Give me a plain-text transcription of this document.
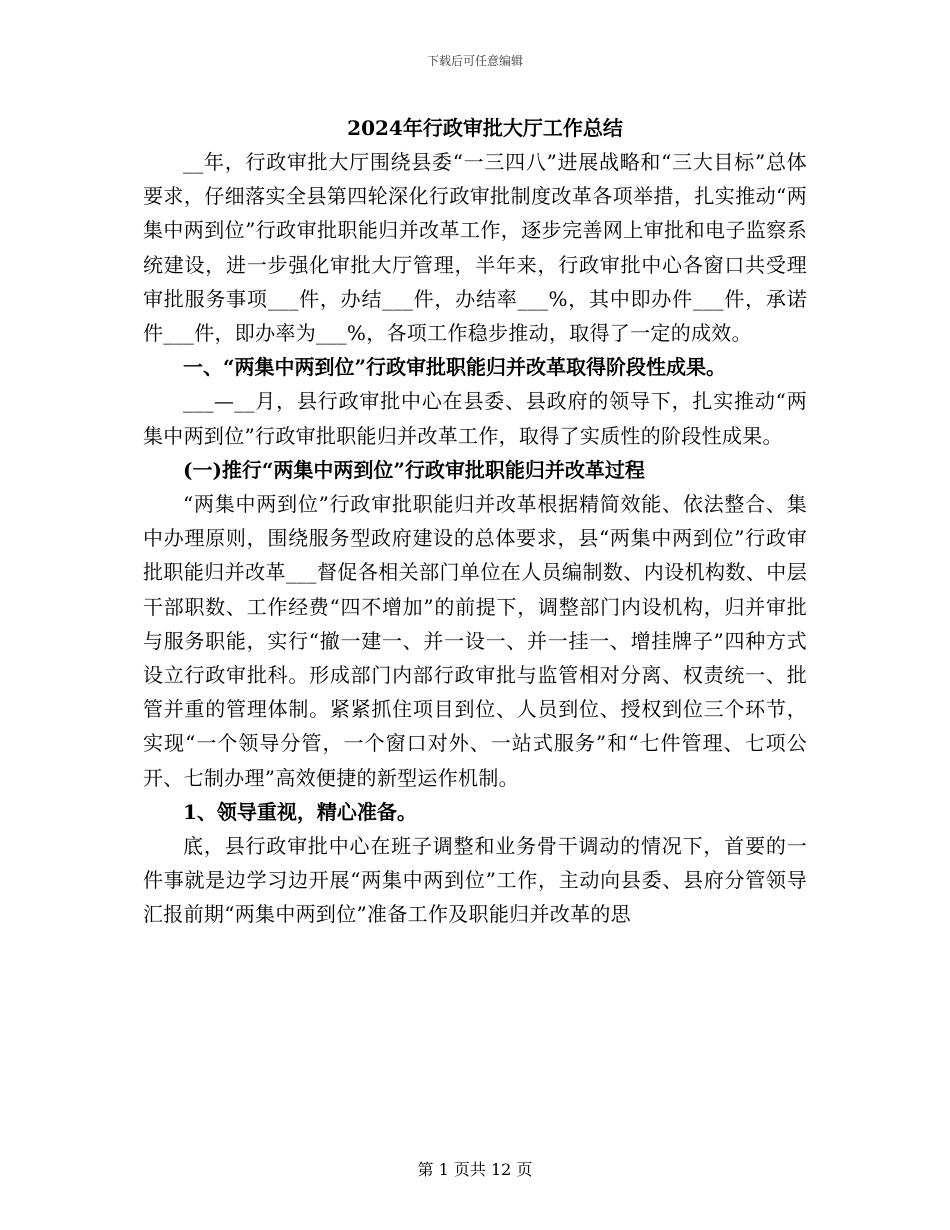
下载后可任意编辑

2024年行政审批大厅工作总结

__年，行政审批大厅围绕县委“一三四八”进展战略和“三大目标”总体要求，仔细落实全县第四轮深化行政审批制度改革各项举措，扎实推动“两集中两到位”行政审批职能归并改革工作，逐步完善网上审批和电子监察系统建设，进一步强化审批大厅管理，半年来，行政审批中心各窗口共受理审批服务事项___件，办结___件，办结率___%，其中即办件___件，承诺件___件，即办率为___%，各项工作稳步推动，取得了一定的成效。

一、“两集中两到位”行政审批职能归并改革取得阶段性成果。

___—__月，县行政审批中心在县委、县政府的领导下，扎实推动“两集中两到位”行政审批职能归并改革工作，取得了实质性的阶段性成果。

(一)推行“两集中两到位”行政审批职能归并改革过程

“两集中两到位”行政审批职能归并改革根据精简效能、依法整合、集中办理原则，围绕服务型政府建设的总体要求，县“两集中两到位”行政审批职能归并改革___督促各相关部门单位在人员编制数、内设机构数、中层干部职数、工作经费“四不增加”的前提下，调整部门内设机构，归并审批与服务职能，实行“撤一建一、并一设一、并一挂一、增挂牌子”四种方式设立行政审批科。形成部门内部行政审批与监管相对分离、权责统一、批管并重的管理体制。紧紧抓住项目到位、人员到位、授权到位三个环节，实现“一个领导分管，一个窗口对外、一站式服务”和“七件管理、七项公开、七制办理”高效便捷的新型运作机制。

1、领导重视，精心准备。

底，县行政审批中心在班子调整和业务骨干调动的情况下，首要的一件事就是边学习边开展“两集中两到位”工作，主动向县委、县府分管领导汇报前期“两集中两到位”准备工作及职能归并改革的思

第 1 页共 12 页
